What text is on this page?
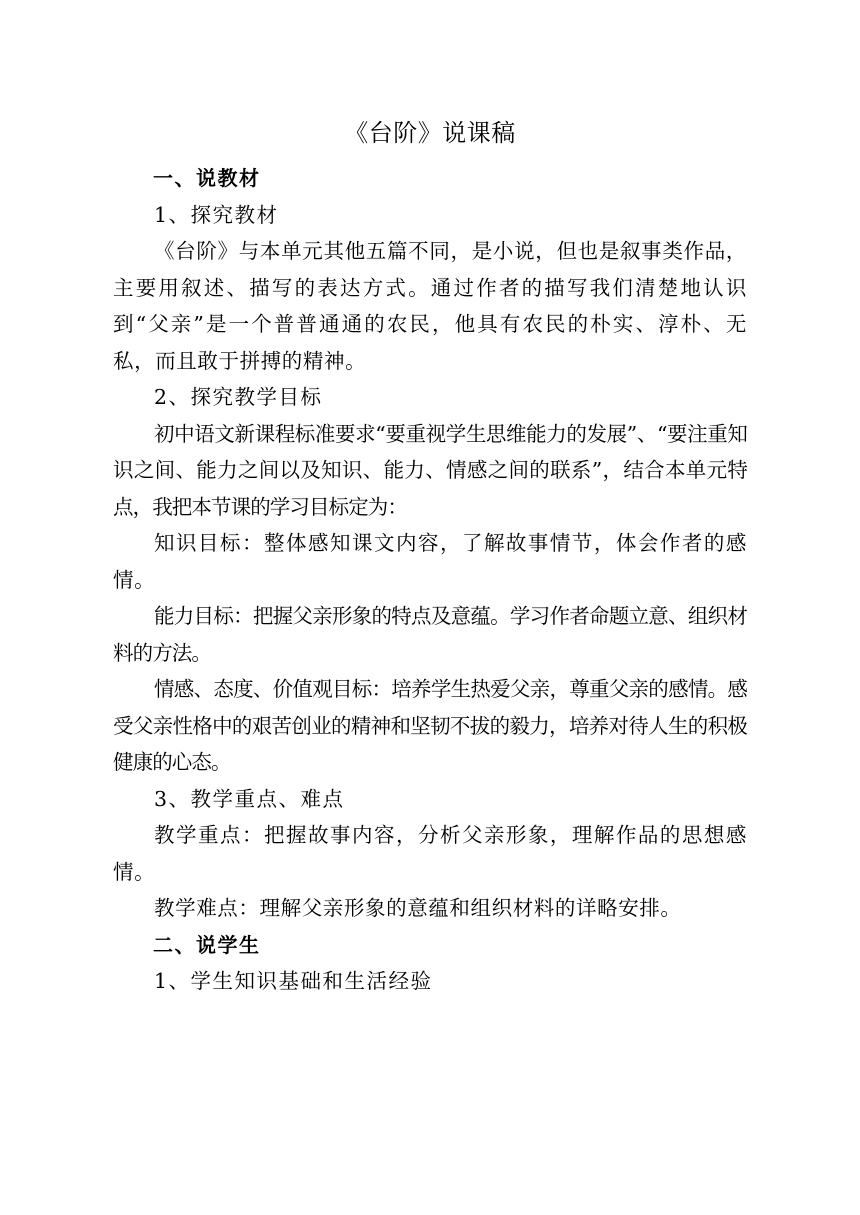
《台阶》说课稿

一、说教材

1、探究教材

《台阶》与本单元其他五篇不同，是小说，但也是叙事类作品，主要用叙述、描写的表达方式。通过作者的描写我们清楚地认识到“父亲”是一个普普通通的农民，他具有农民的朴实、淳朴、无私，而且敢于拼搏的精神。

2、探究教学目标

初中语文新课程标准要求“要重视学生思维能力的发展”、“要注重知识之间、能力之间以及知识、能力、情感之间的联系”，结合本单元特点，我把本节课的学习目标定为：

知识目标：整体感知课文内容，了解故事情节，体会作者的感情。

能力目标：把握父亲形象的特点及意蕴。学习作者命题立意、组织材料的方法。

情感、态度、价值观目标：培养学生热爱父亲，尊重父亲的感情。感受父亲性格中的艰苦创业的精神和坚韧不拔的毅力，培养对待人生的积极健康的心态。

3、教学重点、难点

教学重点：把握故事内容，分析父亲形象，理解作品的思想感情。

教学难点：理解父亲形象的意蕴和组织材料的详略安排。

二、说学生

1、学生知识基础和生活经验
